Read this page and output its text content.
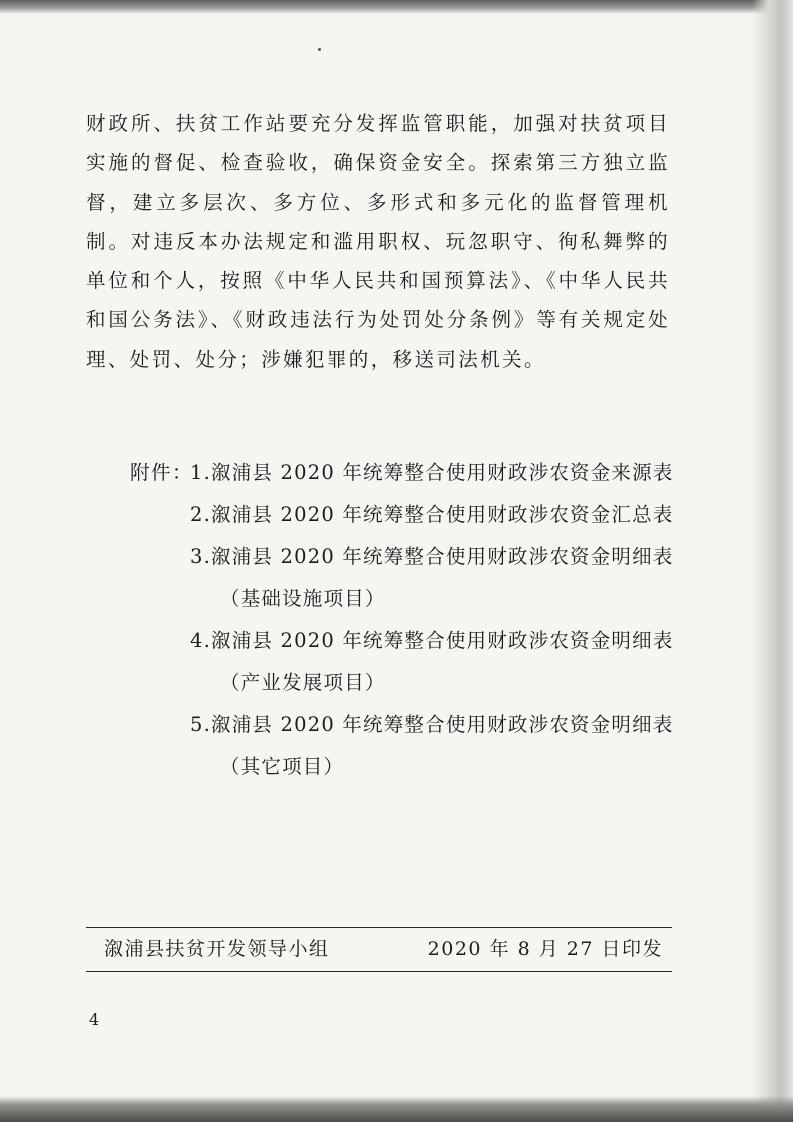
财政所、扶贫工作站要充分发挥监管职能，加强对扶贫项目实施的督促、检查验收，确保资金安全。探索第三方独立监督，建立多层次、多方位、多形式和多元化的监督管理机制。对违反本办法规定和滥用职权、玩忽职守、徇私舞弊的单位和个人，按照《中华人民共和国预算法》、《中华人民共和国公务法》、《财政违法行为处罚处分条例》等有关规定处理、处罚、处分；涉嫌犯罪的，移送司法机关。

附件：

1.溆浦县 2020 年统筹整合使用财政涉农资金来源表
2.溆浦县 2020 年统筹整合使用财政涉农资金汇总表
3.溆浦县 2020 年统筹整合使用财政涉农资金明细表
（基础设施项目）
4.溆浦县 2020 年统筹整合使用财政涉农资金明细表
（产业发展项目）
5.溆浦县 2020 年统筹整合使用财政涉农资金明细表
（其它项目）

溆浦县扶贫开发领导小组	2020 年 8 月 27 日印发

4
